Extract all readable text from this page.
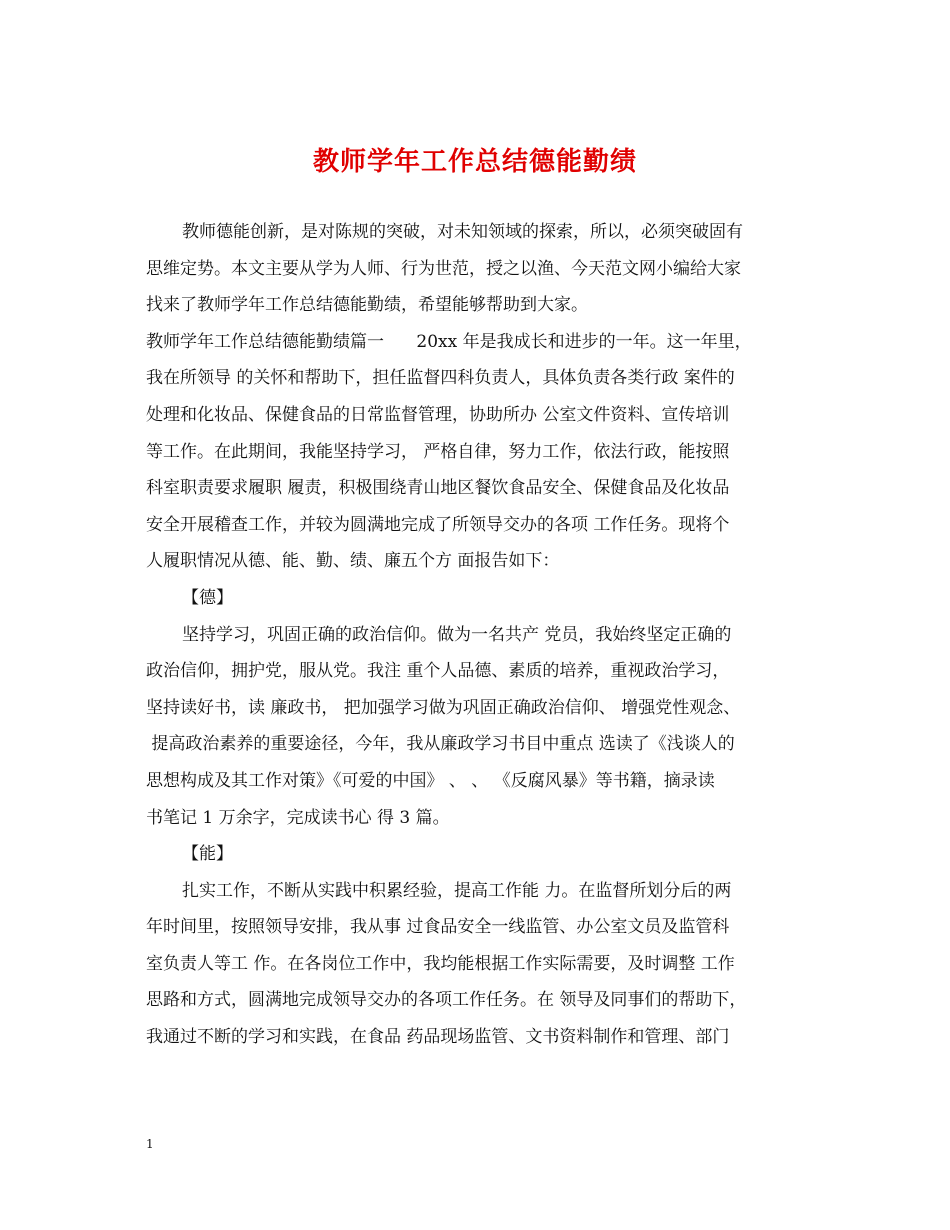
教师学年工作总结德能勤绩
教师德能创新，是对陈规的突破，对未知领域的探索，所以，必须突破固有
思维定势。本文主要从学为人师、行为世范，授之以渔、今天范文网小编给大家
找来了教师学年工作总结德能勤绩，希望能够帮助到大家。
教师学年工作总结德能勤绩篇一      20xx 年是我成长和进步的一年。这一年里，
我在所领导 的关怀和帮助下，担任监督四科负责人，具体负责各类行政 案件的
处理和化妆品、保健食品的日常监督管理，协助所办 公室文件资料、宣传培训
等工作。在此期间，我能坚持学习， 严格自律，努力工作，依法行政，能按照
科室职责要求履职 履责，积极围绕青山地区餐饮食品安全、保健食品及化妆品
安全开展稽查工作，并较为圆满地完成了所领导交办的各项 工作任务。现将个
人履职情况从德、能、勤、绩、廉五个方 面报告如下：
【德】
坚持学习，巩固正确的政治信仰。做为一名共产 党员，我始终坚定正确的
政治信仰，拥护党，服从党。我注 重个人品德、素质的培养，重视政治学习，
坚持读好书，读 廉政书， 把加强学习做为巩固正确政治信仰、 增强党性观念、
提高政治素养的重要途径，今年，我从廉政学习书目中重点 选读了《浅谈人的
思想构成及其工作对策》《可爱的中国》 、 、 《反腐风暴》等书籍，摘录读
书笔记 1 万余字，完成读书心 得 3 篇。
【能】
扎实工作，不断从实践中积累经验，提高工作能 力。在监督所划分后的两
年时间里，按照领导安排，我从事 过食品安全一线监管、办公室文员及监管科
室负责人等工 作。在各岗位工作中，我均能根据工作实际需要，及时调整 工作
思路和方式，圆满地完成领导交办的各项工作任务。在 领导及同事们的帮助下，
我通过不断的学习和实践，在食品 药品现场监管、文书资料制作和管理、部门
1
